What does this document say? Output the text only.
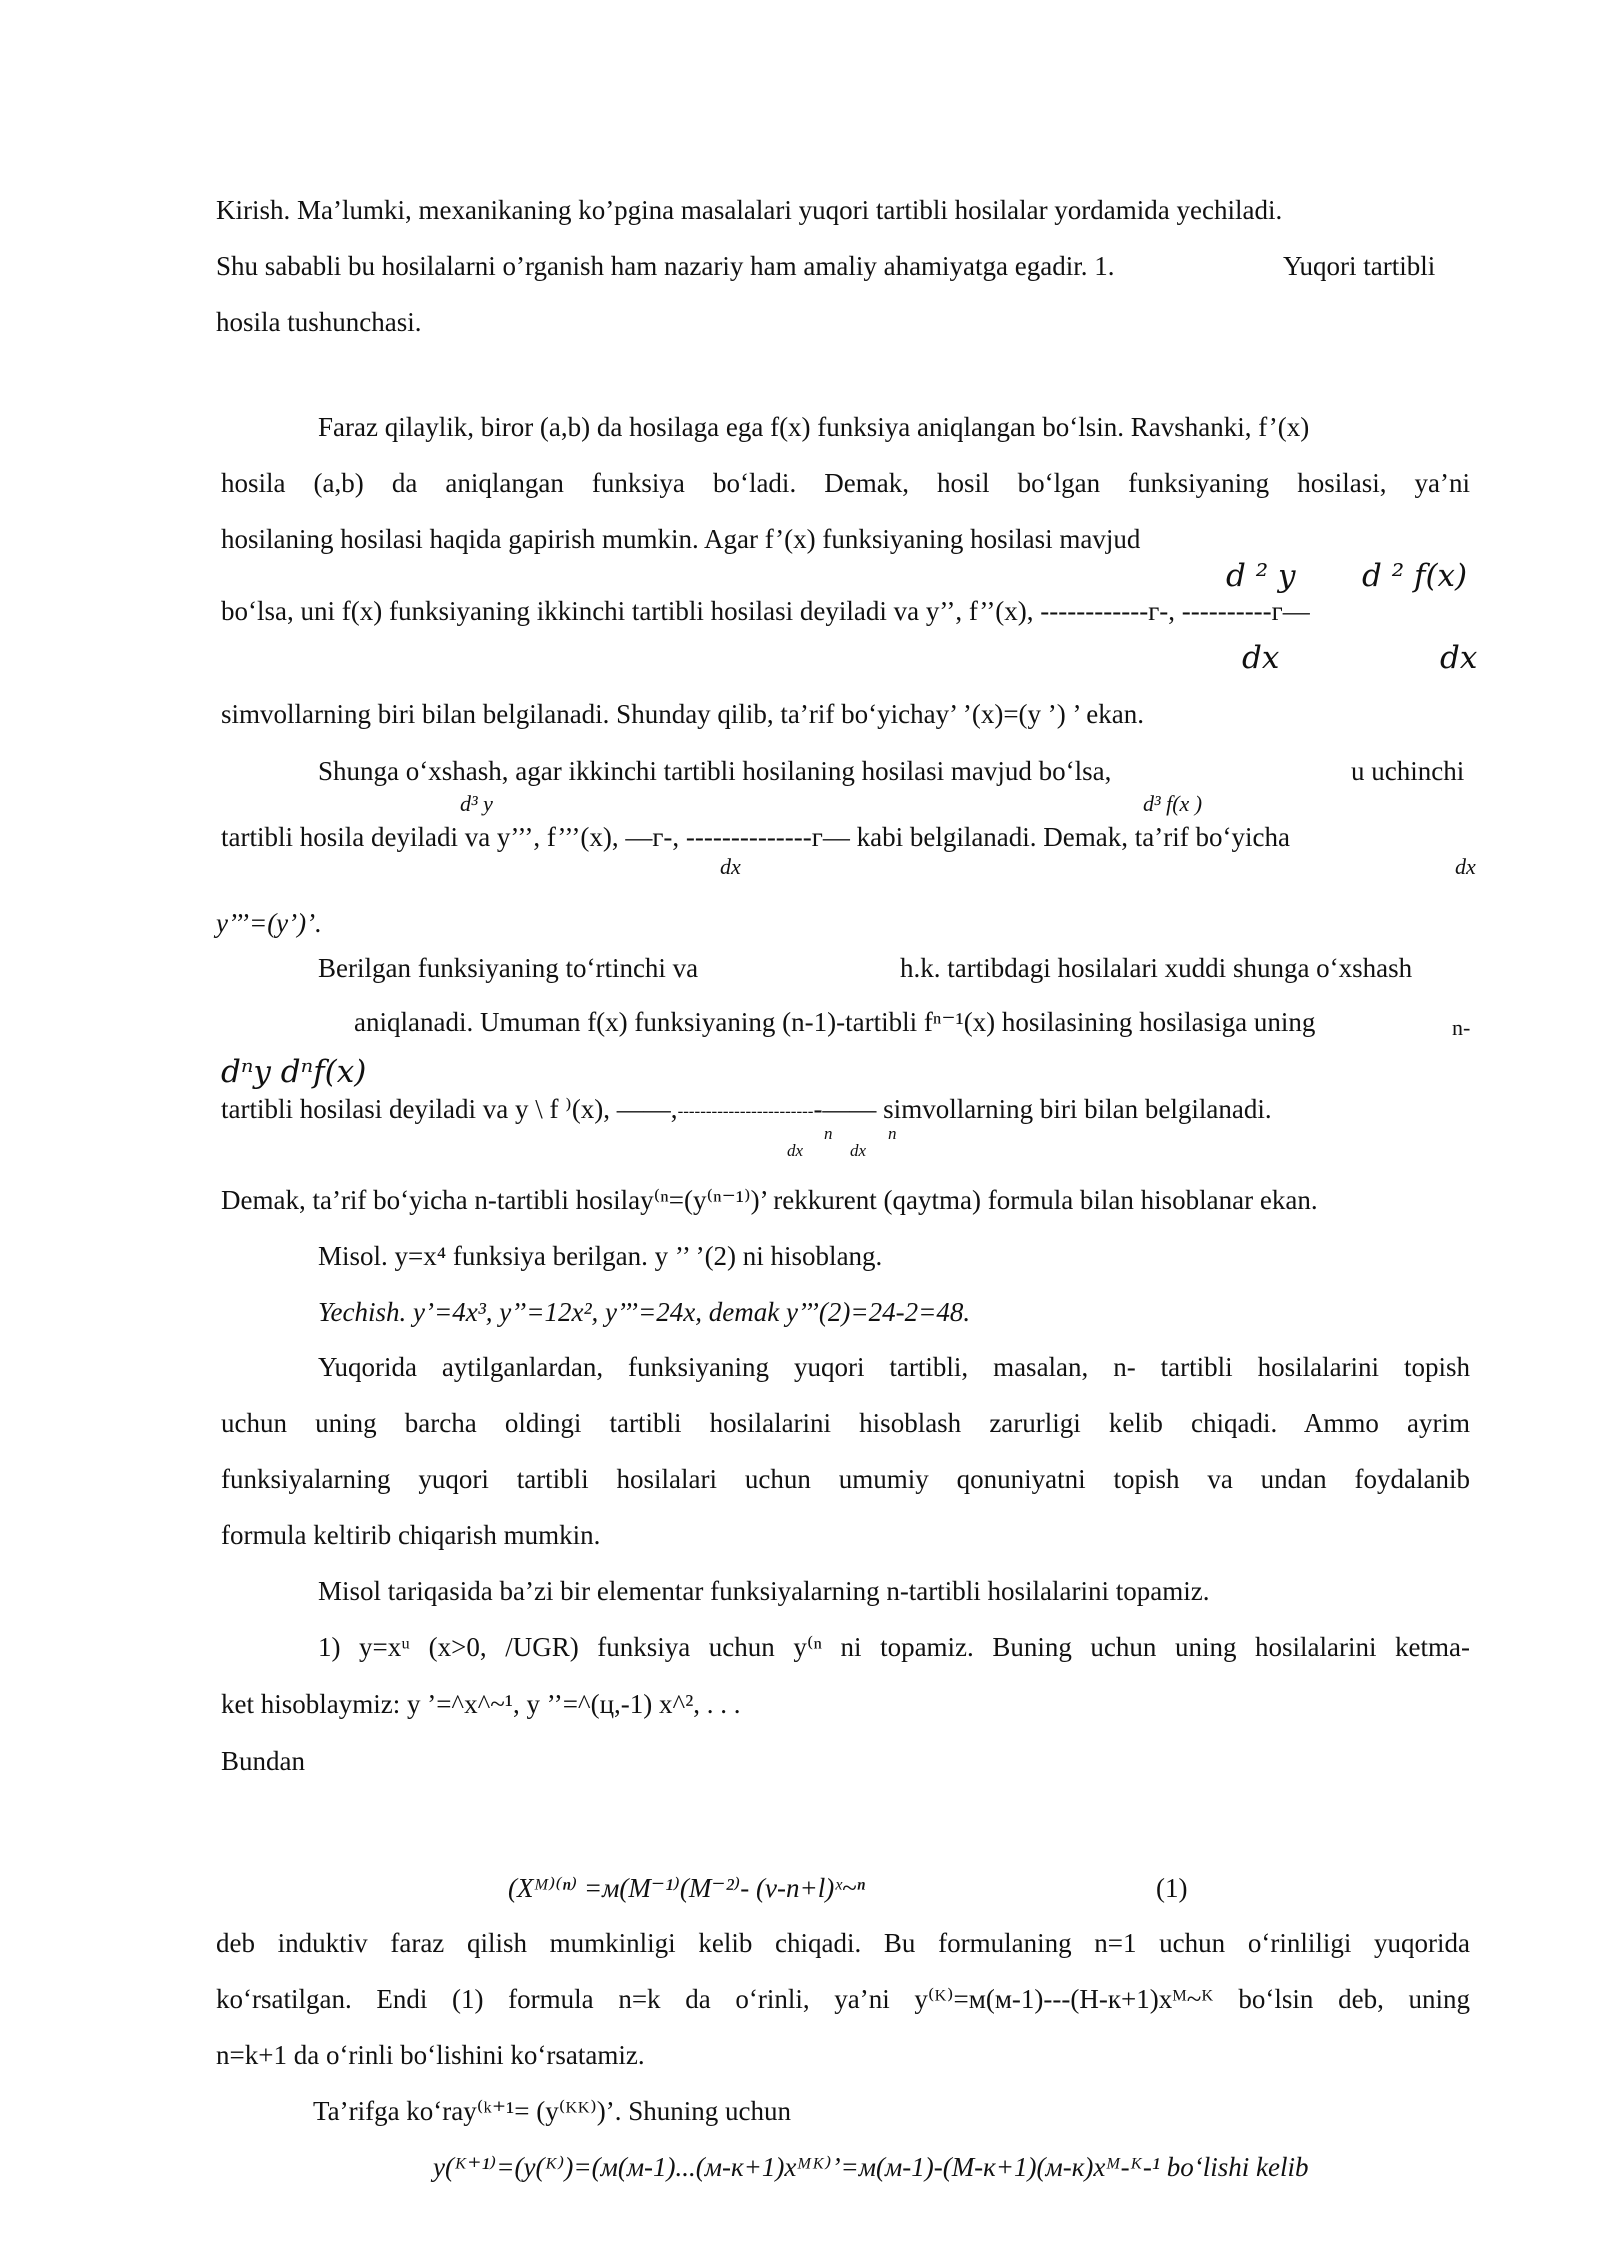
Kirish. Ma’lumki, mexanikaning ko’pgina masalalari yuqori tartibli hosilalar yordamida yechiladi.
Shu sababli bu hosilalarni o’rganish ham nazariy ham amaliy ahamiyatga egadir. 1.	Yuqori tartibli
hosila tushunchasi.
Faraz qilaylik, biror (a,b) da hosilaga ega f(x) funksiya aniqlangan bo‘lsin. Ravshanki, f’(x)
hosila (a,b) da aniqlangan funksiya bo‘ladi. Demak, hosil bo‘lgan funksiyaning hosilasi, ya’ni
hosilaning hosilasi haqida gapirish mumkin. Agar f’(x) funksiyaning hosilasi mavjud
d ² y d ² f(x)
bo‘lsa, uni f(x) funksiyaning ikkinchi tartibli hosilasi deyiladi va y’’, f’’(x), ------------г-, ----------г—
dx	dx
simvollarning biri bilan belgilanadi. Shunday qilib, ta’rif bo‘yichay’ ’(x)=(y ’) ’ ekan.
Shunga o‘xshash, agar ikkinchi tartibli hosilaning hosilasi mavjud bo‘lsa,	u uchinchi
d³ y	d³ f(x )
tartibli hosila deyiladi va y’’’, f’’’(x), —г-, --------------г— kabi belgilanadi. Demak, ta’rif bo‘yicha
dx	dx
y’’’=(y’)’.
Berilgan funksiyaning to‘rtinchi va	h.k. tartibdagi hosilalari xuddi shunga o‘xshash
aniqlanadi. Umuman f(x) funksiyaning (n-1)-tartibli fⁿ⁻¹(x) hosilasining hosilasiga uning	n-
dⁿy dⁿf(x)
tartibli hosilasi deyiladi va y \ f ⁾(x), ——,-------------------------—— simvollarning biri bilan belgilanadi.
dx
n
dx
n
Demak, ta’rif bo‘yicha n-tartibli hosilay⁽ⁿ=(y⁽ⁿ⁻¹⁾)’ rekkurent (qaytma) formula bilan hisoblanar ekan.
Misol. y=x⁴ funksiya berilgan. y ’’ ’(2) ni hisoblang.
Yechish. y’=4x³, y’’=12x², y’’’=24x, demak y’’’(2)=24-2=48.
Yuqorida aytilganlardan, funksiyaning yuqori tartibli, masalan, n- tartibli hosilalarini topish
uchun uning barcha oldingi tartibli hosilalarini hisoblash zarurligi kelib chiqadi. Ammo ayrim
funksiyalarning yuqori tartibli hosilalari uchun umumiy qonuniyatni topish va undan foydalanib
formula keltirib chiqarish mumkin.
Misol tariqasida ba’zi bir elementar funksiyalarning n-tartibli hosilalarini topamiz.
1) y=xᵘ (x>0, /UGR) funksiya uchun y⁽ⁿ ni topamiz. Buning uchun uning hosilalarini ketma-
ket hisoblaymiz: y ’=^x^~¹, y ’’=^(ц,-1) x^², . . .
Bundan
(Xᴹ⁾⁽ⁿ⁾ =м(M⁻¹⁾(M⁻²⁾- (ν-n+l)ˣ~ⁿ	(1)
deb induktiv faraz qilish mumkinligi kelib chiqadi. Bu formulaning n=1 uchun o‘rinliligi yuqorida
ko‘rsatilgan. Endi (1) formula n=k da o‘rinli, ya’ni y⁽ᴷ⁾=м(м-1)---(Н-к+1)xᴹ~ᴷ bo‘lsin deb, uning
n=k+1 da o‘rinli bo‘lishini ko‘rsatamiz.
Ta’rifga ko‘ray⁽ᵏ⁺¹= (y⁽ᴷᴷ⁾)’. Shuning uchun
y(ᴷ⁺¹⁾=(y(ᴷ⁾)=(м(м-1)...(м-к+1)xᴹᴷ⁾’=м(м-1)-(М-к+1)(м-к)xᴹ-ᴷ-¹ bo‘lishi kelib
